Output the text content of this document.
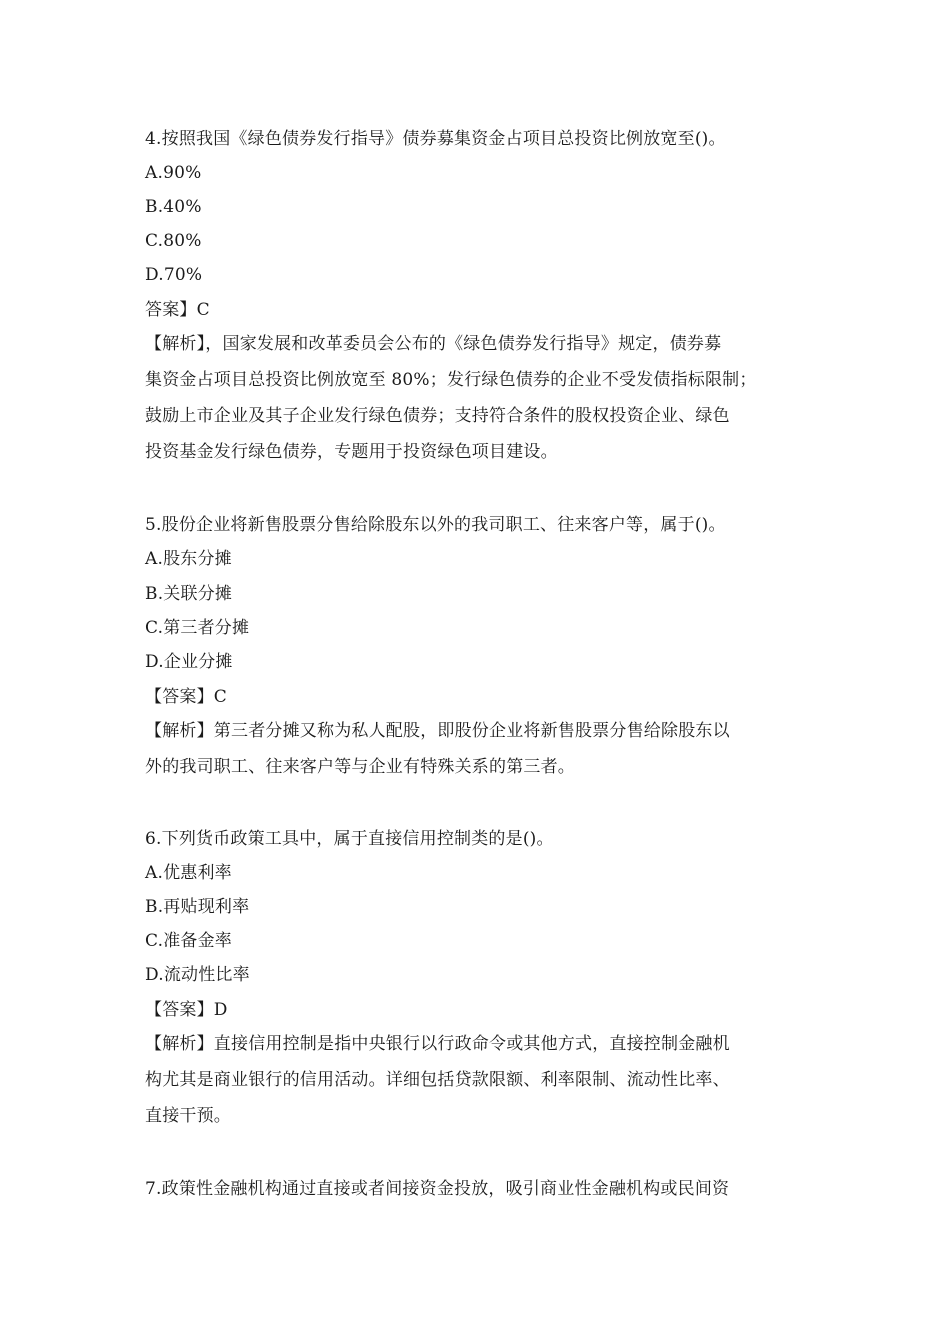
4.按照我国《绿色债券发行指导》债券募集资金占项目总投资比例放宽至()。
A.90%
B.40%
C.80%
D.70%
答案】C
【解析】，国家发展和改革委员会公布的《绿色债券发行指导》规定，债券募
集资金占项目总投资比例放宽至 80%；发行绿色债券的企业不受发债指标限制；
鼓励上市企业及其子企业发行绿色债券；支持符合条件的股权投资企业、绿色
投资基金发行绿色债券，专题用于投资绿色项目建设。
5.股份企业将新售股票分售给除股东以外的我司职工、往来客户等，属于()。
A.股东分摊
B.关联分摊
C.第三者分摊
D.企业分摊
【答案】C
【解析】第三者分摊又称为私人配股，即股份企业将新售股票分售给除股东以
外的我司职工、往来客户等与企业有特殊关系的第三者。
6.下列货币政策工具中，属于直接信用控制类的是()。
A.优惠利率
B.再贴现利率
C.准备金率
D.流动性比率
【答案】D
【解析】直接信用控制是指中央银行以行政命令或其他方式，直接控制金融机
构尤其是商业银行的信用活动。详细包括贷款限额、利率限制、流动性比率、
直接干预。
7.政策性金融机构通过直接或者间接资金投放，吸引商业性金融机构或民间资
